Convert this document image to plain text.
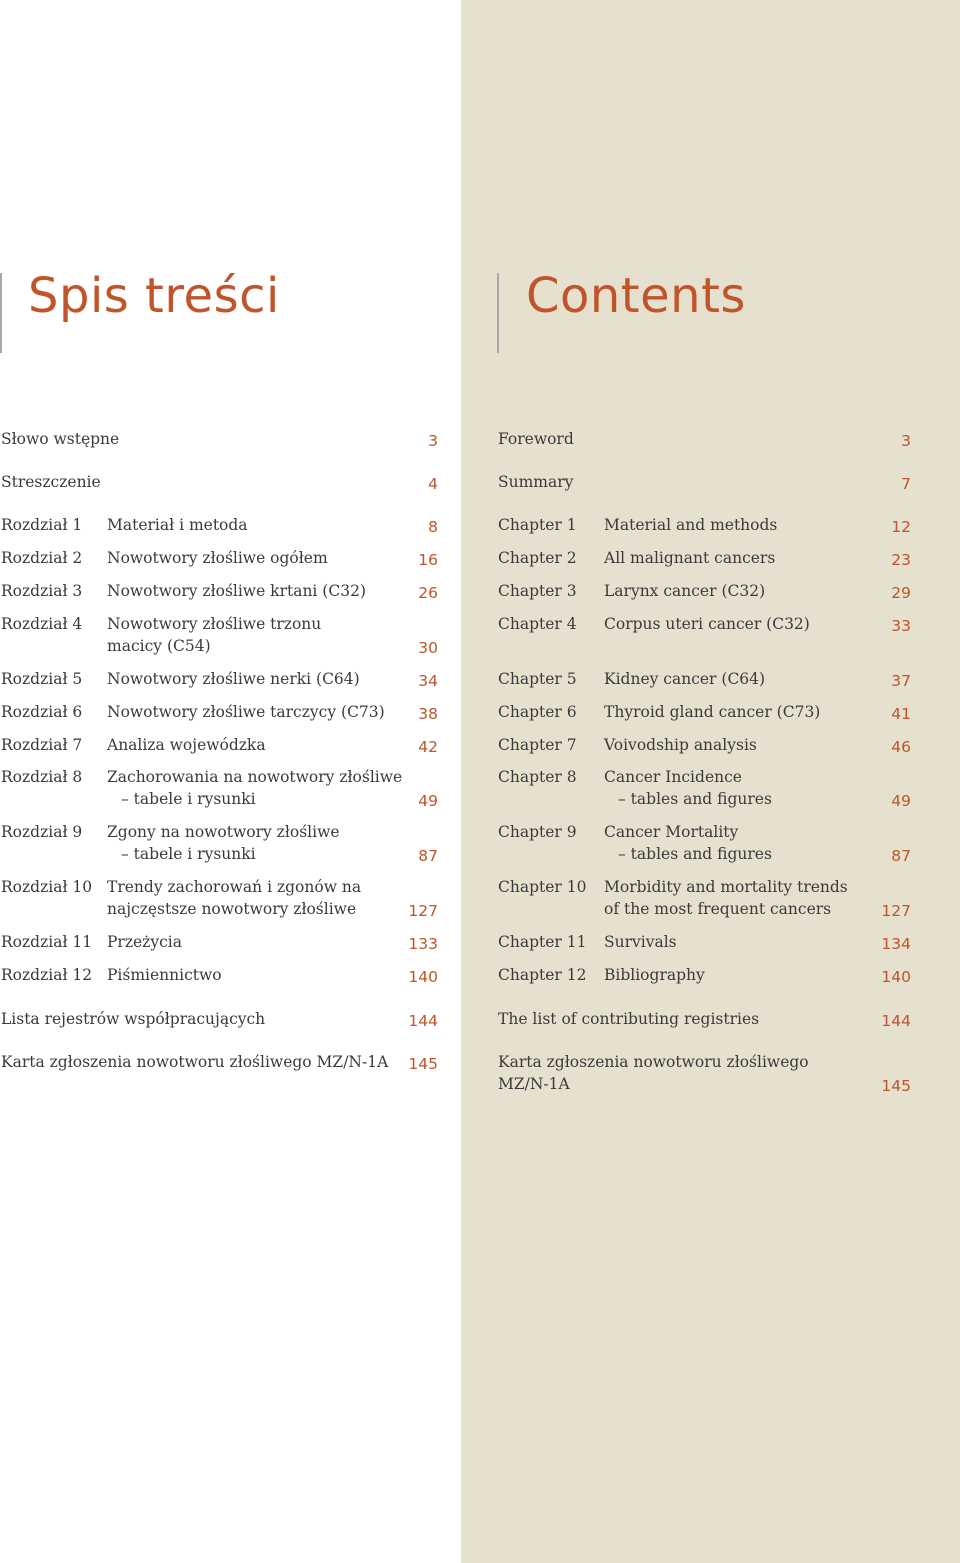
Spis treści	Contents
Słowo wstępne	3
Streszczenie	4
Rozdział 1 Materiał i metoda	8
Rozdział 2 Nowotwory złośliwe ogółem	16
Rozdział 3 Nowotwory złośliwe krtani (C32)	26
Rozdział 4 Nowotwory złośliwe trzonu
macicy (C54)	30
Rozdział 5 Nowotwory złośliwe nerki (C64)	34
Rozdział 6 Nowotwory złośliwe tarczycy (C73)	38
Rozdział 7 Analiza wojewódzka	42
Rozdział 8 Zachorowania na nowotwory złośliwe
– tabele i rysunki	49
Rozdział 9 Zgony na nowotwory złośliwe
– tabele i rysunki	87
Rozdział 10 Trendy zachorowań i zgonów na
najczęstsze nowotwory złośliwe	127
Rozdział 11 Przeżycia	133
Rozdział 12 Piśmiennictwo	140
Lista rejestrów współpracujących	144
Karta zgłoszenia nowotworu złośliwego MZ/N-1A	145
Foreword	3
Summary	7
Chapter 1 Material and methods	12
Chapter 2 All malignant cancers	23
Chapter 3 Larynx cancer (C32)	29
Chapter 4 Corpus uteri cancer (C32)	33
Chapter 5 Kidney cancer (C64)	37
Chapter 6 Thyroid gland cancer (C73)	41
Chapter 7 Voivodship analysis	46
Chapter 8 Cancer Incidence
– tables and figures	49
Chapter 9 Cancer Mortality
– tables and figures	87
Chapter 10 Morbidity and mortality trends
of the most frequent cancers	127
Chapter 11 Survivals	134
Chapter 12 Bibliography	140
The list of contributing registries	144
Karta zgłoszenia nowotworu złośliwego
MZ/N-1A	145
